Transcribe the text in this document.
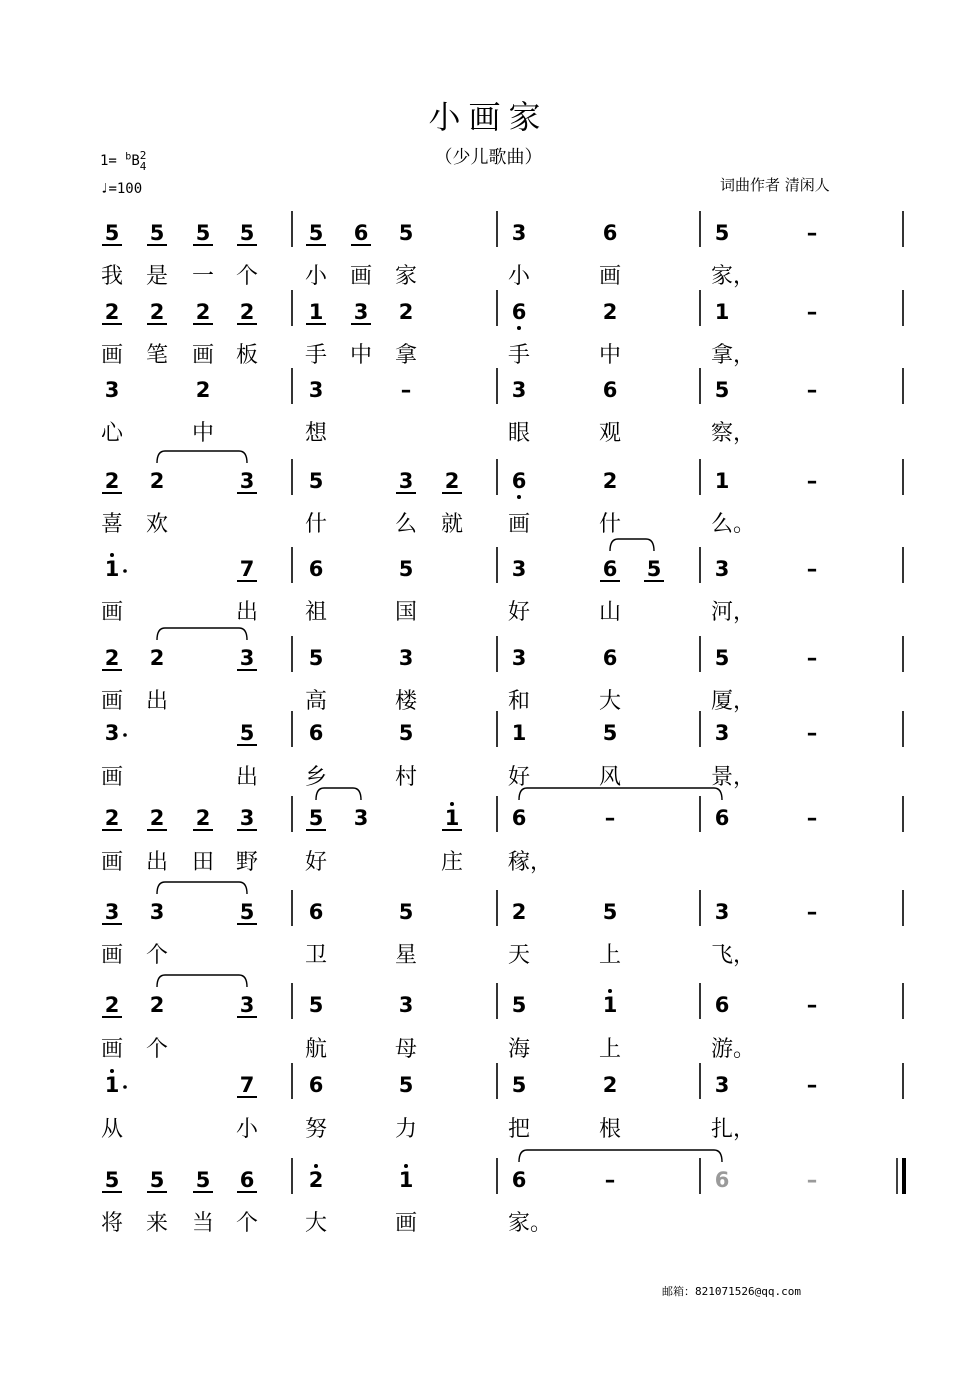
小画家
（少儿歌曲）
1= $^b$B2
4
♩=100	词曲作者 清闲人
邮箱：821071526@qq.com
5 5 5 5	5 6 5	3	6	5	–
我 是 一 个 小 画 家	小	画	家，
2 2 2 2	1 3 2	6	2	1	–
画 笔 画 板 手 中 拿	手	中	拿，
3	2	3	–	3	6	5	–
心	中	想	眼	观	察，
2 2	3	5	3 2 6	2	1	–
喜 欢	什	么 就 画	什	么。
1	7	6	5	3	6 5	3	–
画	出 祖	国	好	山	河，
2 2	3	5	3	3	6	5	–
画 出	高	楼	和	大	厦，
3	5	6	5	1	5	3	–
画	出 乡	村	好	风	景，
2 2 2 3	5 3	1 6	–	6	–
画 出 田 野 好	庄 稼，
3 3	5	6	5	2	5	3	–
画 个	卫	星	天	上	飞，
2 2	3	5	3	5	1	6	–
画 个	航	母	海	上	游。
1	7	6	5	5	2	3	–
从	小 努	力	把	根	扎，
5 5 5 6	2	1	6	–	6	–
将 来 当 个 大	画	家。
